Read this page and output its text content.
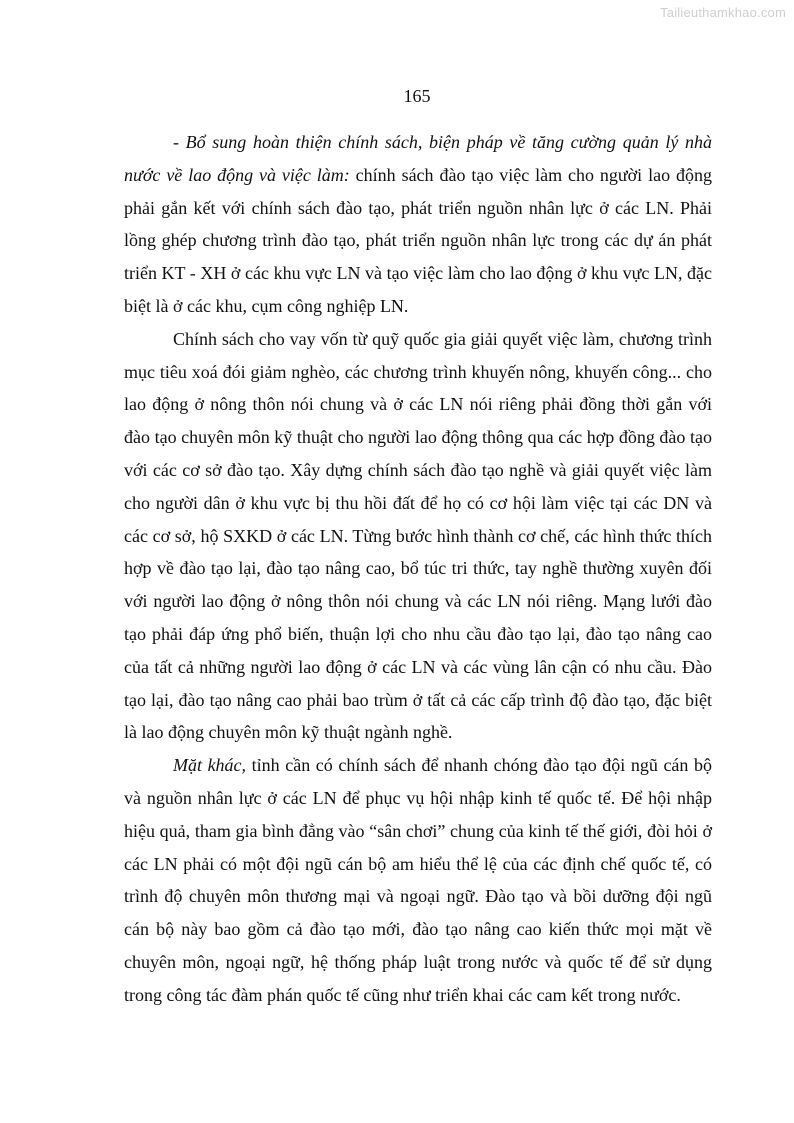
Tailieuthamkhao.com
165

- Bổ sung hoàn thiện chính sách, biện pháp về tăng cường quản lý nhà nước về lao động và việc làm: chính sách đào tạo việc làm cho người lao động phải gắn kết với chính sách đào tạo, phát triển nguồn nhân lực ở các LN. Phải lồng ghép chương trình đào tạo, phát triển nguồn nhân lực trong các dự án phát triển KT - XH ở các khu vực LN và tạo việc làm cho lao động ở khu vực LN, đặc biệt là ở các khu, cụm công nghiệp LN.

Chính sách cho vay vốn từ quỹ quốc gia giải quyết việc làm, chương trình mục tiêu xoá đói giảm nghèo, các chương trình khuyến nông, khuyến công... cho lao động ở nông thôn nói chung và ở các LN nói riêng phải đồng thời gắn với đào tạo chuyên môn kỹ thuật cho người lao động thông qua các hợp đồng đào tạo với các cơ sở đào tạo. Xây dựng chính sách đào tạo nghề và giải quyết việc làm cho người dân ở khu vực bị thu hồi đất để họ có cơ hội làm việc tại các DN và các cơ sở, hộ SXKD ở các LN. Từng bước hình thành cơ chế, các hình thức thích hợp về đào tạo lại, đào tạo nâng cao, bổ túc tri thức, tay nghề thường xuyên đối với người lao động ở nông thôn nói chung và các LN nói riêng. Mạng lưới đào tạo phải đáp ứng phổ biến, thuận lợi cho nhu cầu đào tạo lại, đào tạo nâng cao của tất cả những người lao động ở các LN và các vùng lân cận có nhu cầu. Đào tạo lại, đào tạo nâng cao phải bao trùm ở tất cả các cấp trình độ đào tạo, đặc biệt là lao động chuyên môn kỹ thuật ngành nghề.

Mặt khác, tỉnh cần có chính sách để nhanh chóng đào tạo đội ngũ cán bộ và nguồn nhân lực ở các LN để phục vụ hội nhập kinh tế quốc tế. Để hội nhập hiệu quả, tham gia bình đẳng vào “sân chơi” chung của kinh tế thế giới, đòi hỏi ở các LN phải có một đội ngũ cán bộ am hiểu thể lệ của các định chế quốc tế, có trình độ chuyên môn thương mại và ngoại ngữ. Đào tạo và bồi dưỡng đội ngũ cán bộ này bao gồm cả đào tạo mới, đào tạo nâng cao kiến thức mọi mặt về chuyên môn, ngoại ngữ, hệ thống pháp luật trong nước và quốc tế để sử dụng trong công tác đàm phán quốc tế cũng như triển khai các cam kết trong nước.
